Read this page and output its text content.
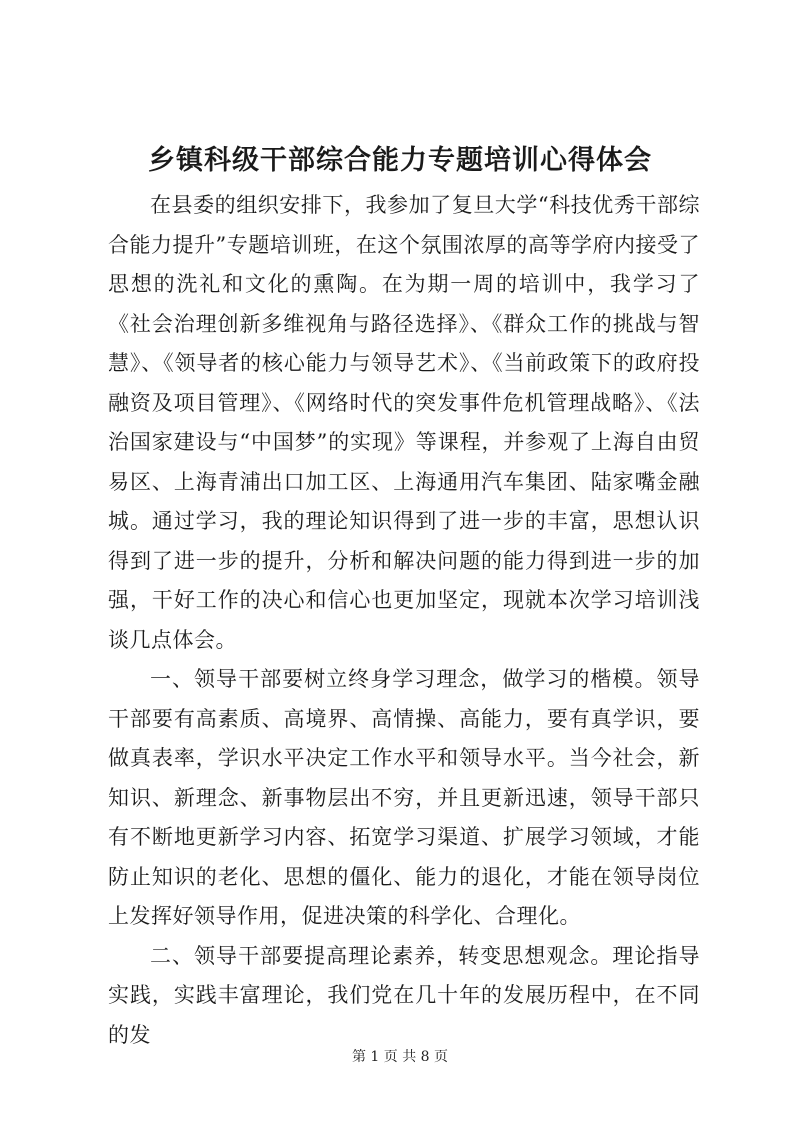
乡镇科级干部综合能力专题培训心得体会

在县委的组织安排下，我参加了复旦大学“科技优秀干部综合能力提升”专题培训班，在这个氛围浓厚的高等学府内接受了思想的洗礼和文化的熏陶。在为期一周的培训中，我学习了《社会治理创新多维视角与路径选择》、《群众工作的挑战与智慧》、《领导者的核心能力与领导艺术》、《当前政策下的政府投融资及项目管理》、《网络时代的突发事件危机管理战略》、《法治国家建设与“中国梦”的实现》等课程，并参观了上海自由贸易区、上海青浦出口加工区、上海通用汽车集团、陆家嘴金融城。通过学习，我的理论知识得到了进一步的丰富，思想认识得到了进一步的提升，分析和解决问题的能力得到进一步的加强，干好工作的决心和信心也更加坚定，现就本次学习培训浅谈几点体会。

一、领导干部要树立终身学习理念，做学习的楷模。领导干部要有高素质、高境界、高情操、高能力，要有真学识，要做真表率，学识水平决定工作水平和领导水平。当今社会，新知识、新理念、新事物层出不穷，并且更新迅速，领导干部只有不断地更新学习内容、拓宽学习渠道、扩展学习领域，才能防止知识的老化、思想的僵化、能力的退化，才能在领导岗位上发挥好领导作用，促进决策的科学化、合理化。

二、领导干部要提高理论素养，转变思想观念。理论指导实践，实践丰富理论，我们党在几十年的发展历程中，在不同的发

第 1 页 共 8 页
